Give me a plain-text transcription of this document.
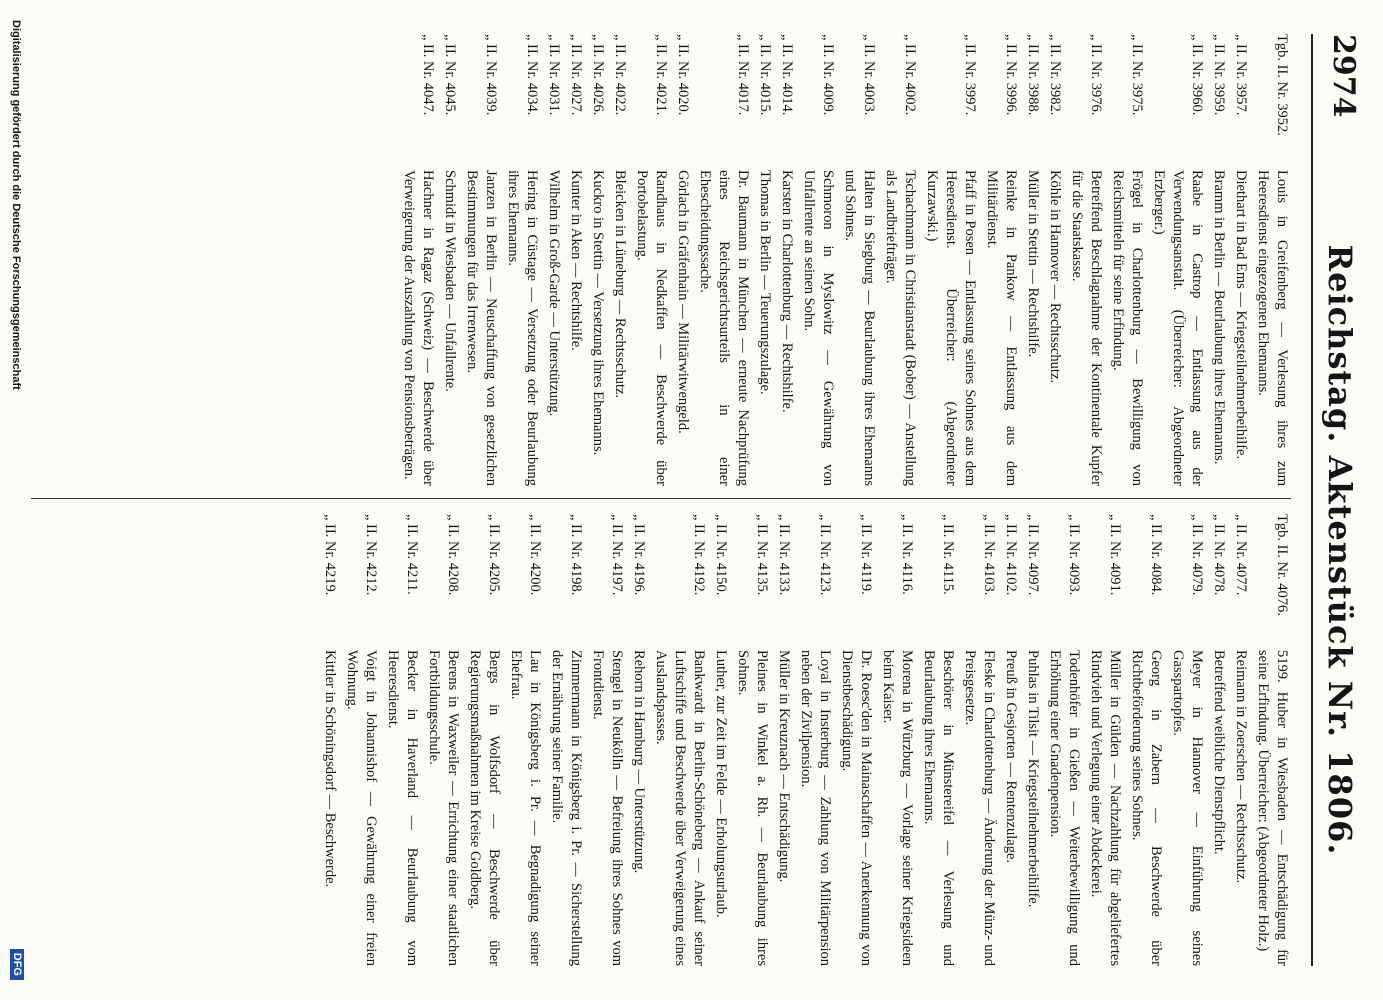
2974
Reichstag. Aktenstück Nr. 1806.
Tgb. II. Nr. 3952.
Louis in Greifenberg — Verlesung ihres zum Heeresdienst eingezogenen Ehemanns.
„ II. Nr. 3957.
Diethart in Bad Ems — Kriegsteilnehmerbeihilfe.
„ II. Nr. 3959.
Bramm in Berlin — Beurlaubung ihres Ehemanns.
„ II. Nr. 3960.
Raabe in Castrop — Entlassung aus der Verwendungsanstalt. (Überreicher: Abgeordneter Erzberger.)
„ II. Nr. 3975.
Frögel in Charlottenburg — Bewilligung von Reichsmitteln für seine Erfindung.
„ II. Nr. 3976.
Betreffend Beschlagnahme der Kontinentale Kupfer für die Staatskasse.
„ II. Nr. 3982.
Köhle in Hannover — Rechtsschutz.
„ II. Nr. 3988.
Müller in Stettin — Rechtshilfe.
„ II. Nr. 3996.
Reinke in Pankow — Entlassung aus dem Militärdienst.
„ II. Nr. 3997.
Pfaff in Posen — Entlassung seines Sohnes aus dem Heeresdienst. Überreicher: (Abgeordneter Kurzawski.)
„ II. Nr. 4002.
Tschachmann in Christianstadt (Bober) — Anstellung als Landbriefträger.
„ II. Nr. 4003.
Halten in Siegburg — Beurlaubung ihres Ehemanns und Sohnes.
„ II. Nr. 4009.
Schmoron in Myslowitz — Gewährung von Unfallrente an seinen Sohn.
„ II. Nr. 4014.
Karsten in Charlottenburg — Rechtshilfe.
„ II. Nr. 4015.
Thomas in Berlin — Teuerungszulage.
„ II. Nr. 4017.
Dr. Baumann in München — erneute Nachprüfung eines Reichsgerichtsurteils in einer Ehescheidungssache.
„ II. Nr. 4020.
Görlach in Gräfenhain — Militärwitwengeld.
„ II. Nr. 4021.
Randhaus in Nedkaffen — Beschwerde über Portobelastung.
„ II. Nr. 4022.
Bleicken in Lüneburg — Rechtsschutz.
„ II. Nr. 4026.
Kuckro in Stettin — Versetzung ihres Ehemanns.
„ II. Nr. 4027.
Kunter in Aken — Rechtshilfe.
„ II. Nr. 4031.
Wilhelm in Groß-Garde — Unterstützung.
„ II. Nr. 4034.
Hering in Cüstage — Versetzung oder Beurlaubung ihres Ehemanns.
„ II. Nr. 4039.
Janzen in Berlin — Neuschaffung von gesetzlichen Bestimmungen für das Irrenwesen.
„ II. Nr. 4045.
Schmidt in Wiesbaden — Unfallrente.
„ II. Nr. 4047.
Hachner in Ragaz (Schweiz) — Beschwerde über Verweigerung der Auszahlung von Pensionsbeträgen.
Tgb. II. Nr. 4076.
5199. Huber in Wiesbaden — Entschädigung für seine Erfindung. Überreicher: (Abgeordneter Holz.)
„ II. Nr. 4077.
Reimann in Zoerschen — Rechtsschutz.
„ II. Nr. 4078.
Betreffend weibliche Dienstpflicht.
„ II. Nr. 4079.
Meyer in Hannover — Einführung seines Gasspartopfes.
„ II. Nr. 4084.
Georg in Zabern — Beschwerde über Richtbeförderung seines Sohnes.
„ II. Nr. 4091.
Müller in Gülden — Nachzahlung für abgeliefertes Rindvieh und Verlegung einer Abdeckerei.
„ II. Nr. 4093.
Todenhöfer in Gießen — Weiterbewilligung und Erhöhung einer Gnadenpension.
„ II. Nr. 4097.
Puhlas in Tilsit — Kriegsteilnehmerbeihilfe.
„ II. Nr. 4102.
Preuß in Gesjorten — Rentenzulage.
„ II. Nr. 4103.
Fleske in Charlottenburg — Änderung der Münz- und Preisgesetze.
„ II. Nr. 4115.
Beschörer in Münstereifel — Verlesung und Beurlaubung ihres Ehemanns.
„ II. Nr. 4116.
Morena in Würzburg — Vorlage seiner Kriegsideen beim Kaiser.
„ II. Nr. 4119.
Dr. Roesc'den in Mainaschaffen — Anerkennung von Dienstbeschädigung.
„ II. Nr. 4123.
Loyal in Insterburg — Zahlung von Militärpension neben der Zivilpension.
„ II. Nr. 4133.
Müller in Kreuznach — Entschädigung.
„ II. Nr. 4135.
Pleines in Winkel a. Rh. — Beurlaubung ihres Sohnes.
„ II. Nr. 4150.
Luther, zur Zeit im Felde — Erholungsurlaub.
„ II. Nr. 4192.
Bankwardt in Berlin-Schöneberg — Ankauf seiner Luftschiffe und Beschwerde über Verweigerung eines Auslandspasses.
„ II. Nr. 4196.
Rehorn in Hamburg — Unterstützung.
„ II. Nr. 4197.
Stengel in Neukölln — Befreiung ihres Sohnes vom Frontdienst.
„ II. Nr. 4198.
Zimmermann in Königsberg i. Pr. — Sicherstellung der Ernährung seiner Familie.
„ II. Nr. 4200.
Lau in Königsberg i. Pr. — Begnadigung seiner Ehefrau.
„ II. Nr. 4205.
Bergs in Wolfsdorf — Beschwerde über Regierungsmaßnahmen im Kreise Goldberg.
„ II. Nr. 4208.
Berens in Waxweiler — Errichtung einer staatlichen Fortbildungsschule.
„ II. Nr. 4211.
Becker in Haverland — Beurlaubung vom Heeresdienst.
„ II. Nr. 4212.
Voigt in Johannishof — Gewährung einer freien Wohnung.
„ II. Nr. 4219.
Kittler in Schöningsdorf — Beschwerde.
Digitalisierung gefördert durch die Deutsche Forschungsgemeinschaft
DFG
